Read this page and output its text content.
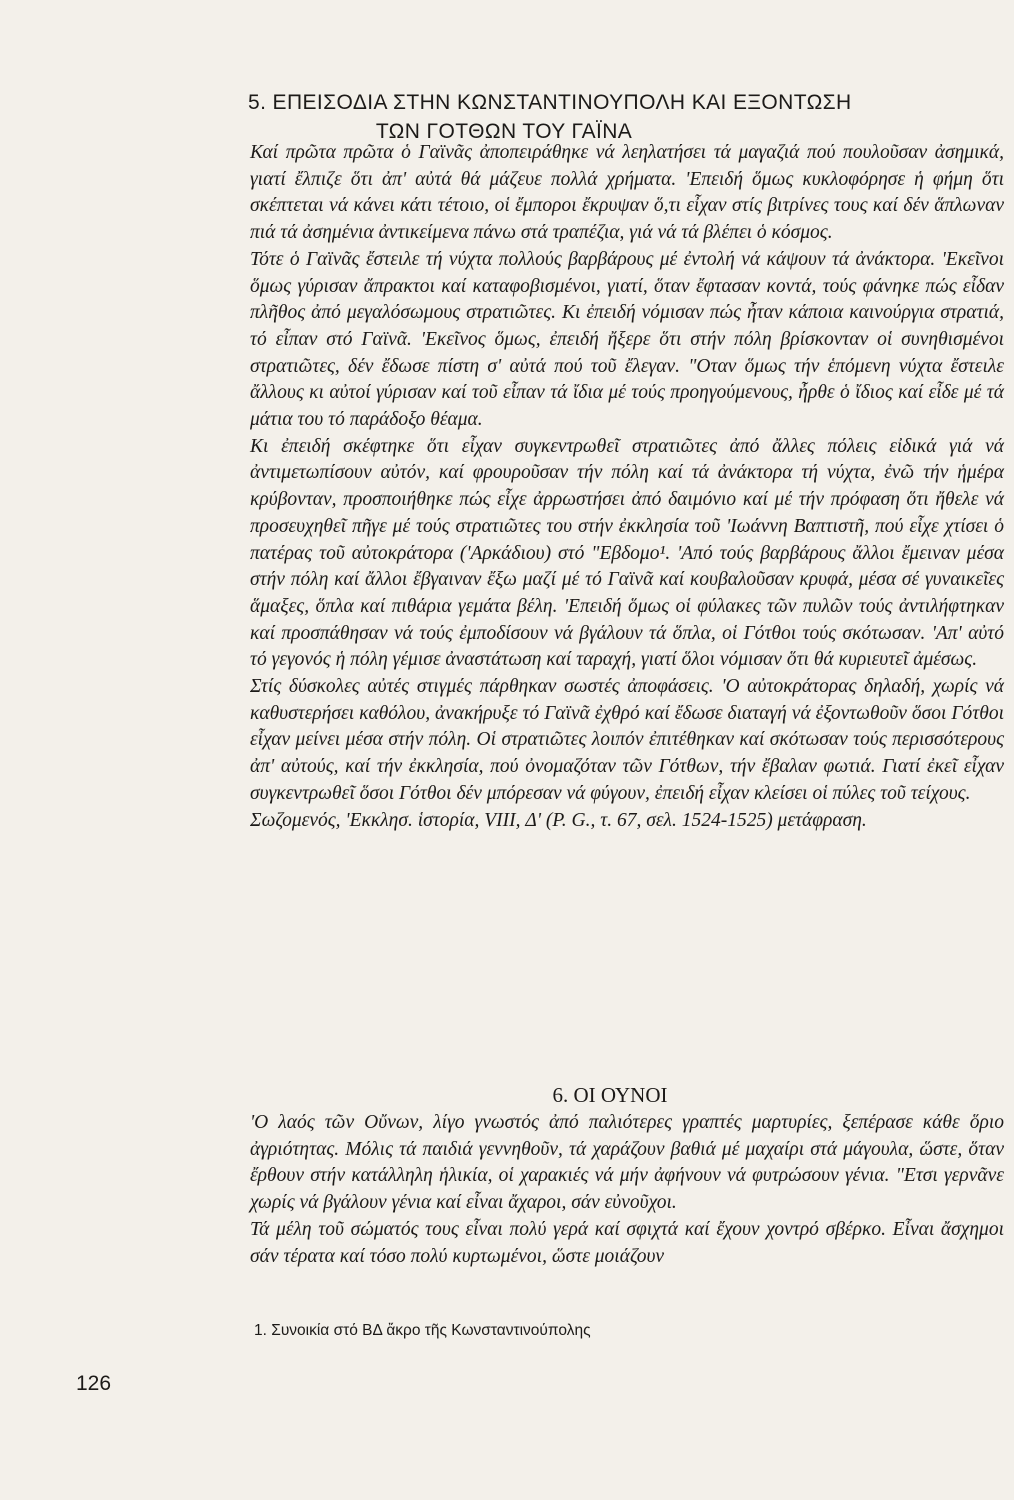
5. ΕΠΕΙΣΟΔΙΑ ΣΤΗΝ ΚΩΝΣΤΑΝΤΙΝΟΥΠΟΛΗ ΚΑΙ ΕΞΟΝΤΩΣΗ
ΤΩΝ ΓΟΤΘΩΝ ΤΟΥ ΓΑΪΝΑ
Καί πρῶτα πρῶτα ὁ Γαϊνᾶς ἀποπειράθηκε νά λεηλατήσει τά μαγαζιά πού πουλοῦσαν ἀσημικά, γιατί ἔλπιζε ὅτι ἀπ' αὐτά θά μάζευε πολλά χρήματα. 'Επειδή ὅμως κυκλοφόρησε ἡ φήμη ὅτι σκέπτεται νά κάνει κάτι τέτοιο, οἱ ἔμποροι ἔκρυψαν ὅ,τι εἶχαν στίς βιτρίνες τους καί δέν ἅπλωναν πιά τά ἀσημένια ἀντικείμενα πάνω στά τραπέζια, γιά νά τά βλέπει ὁ κόσμος.
Τότε ὁ Γαϊνᾶς ἔστειλε τή νύχτα πολλούς βαρβάρους μέ ἐντολή νά κάψουν τά ἀνάκτορα. 'Εκεῖνοι ὅμως γύρισαν ἄπρακτοι καί καταφοβισμένοι, γιατί, ὅταν ἔφτασαν κοντά, τούς φάνηκε πώς εἶδαν πλῆθος ἀπό μεγαλόσωμους στρατιῶτες. Κι ἐπειδή νόμισαν πώς ἦταν κάποια καινούργια στρατιά, τό εἶπαν στό Γαϊνᾶ. 'Εκεῖνος ὅμως, ἐπειδή ἤξερε ὅτι στήν πόλη βρίσκονταν οἱ συνηθισμένοι στρατιῶτες, δέν ἔδωσε πίστη σ' αὐτά πού τοῦ ἔλεγαν. "Οταν ὅμως τήν ἑπόμενη νύχτα ἔστειλε ἄλλους κι αὐτοί γύρισαν καί τοῦ εἶπαν τά ἴδια μέ τούς προηγούμενους, ἦρθε ὁ ἴδιος καί εἶδε μέ τά μάτια του τό παράδοξο θέαμα.
Κι ἐπειδή σκέφτηκε ὅτι εἶχαν συγκεντρωθεῖ στρατιῶτες ἀπό ἄλλες πόλεις εἰδικά γιά νά ἀντιμετωπίσουν αὐτόν, καί φρουροῦσαν τήν πόλη καί τά ἀνάκτορα τή νύχτα, ἐνῶ τήν ἡμέρα κρύβονταν, προσποιήθηκε πώς εἶχε ἀρρωστήσει ἀπό δαιμόνιο καί μέ τήν πρόφαση ὅτι ἤθελε νά προσευχηθεῖ πῆγε μέ τούς στρατιῶτες του στήν ἐκκλησία τοῦ 'Ιωάννη Βαπτιστῆ, πού εἶχε χτίσει ὁ πατέρας τοῦ αὐτοκράτορα ('Αρκάδιου) στό "Εβδομο¹. 'Από τούς βαρβάρους ἄλλοι ἔμειναν μέσα στήν πόλη καί ἄλλοι ἔβγαιναν ἔξω μαζί μέ τό Γαϊνᾶ καί κουβαλοῦσαν κρυφά, μέσα σέ γυναικεῖες ἅμαξες, ὅπλα καί πιθάρια γεμάτα βέλη. 'Επειδή ὅμως οἱ φύλακες τῶν πυλῶν τούς ἀντιλήφτηκαν καί προσπάθησαν νά τούς ἐμποδίσουν νά βγάλουν τά ὅπλα, οἱ Γότθοι τούς σκότωσαν. 'Απ' αὐτό τό γεγονός ἡ πόλη γέμισε ἀναστάτωση καί ταραχή, γιατί ὅλοι νόμισαν ὅτι θά κυριευτεῖ ἀμέσως.
Στίς δύσκολες αὐτές στιγμές πάρθηκαν σωστές ἀποφάσεις. 'Ο αὐτοκράτορας δηλαδή, χωρίς νά καθυστερήσει καθόλου, ἀνακήρυξε τό Γαϊνᾶ ἐχθρό καί ἔδωσε διαταγή νά ἐξοντωθοῦν ὅσοι Γότθοι εἶχαν μείνει μέσα στήν πόλη. Οἱ στρατιῶτες λοιπόν ἐπιτέθηκαν καί σκότωσαν τούς περισσότερους ἀπ' αὐτούς, καί τήν ἐκκλησία, πού ὀνομαζόταν τῶν Γότθων, τήν ἔβαλαν φωτιά. Γιατί ἐκεῖ εἶχαν συγκεντρωθεῖ ὅσοι Γότθοι δέν μπόρεσαν νά φύγουν, ἐπειδή εἶχαν κλείσει οἱ πύλες τοῦ τείχους.
Σωζομενός, 'Εκκλησ. ἱστορία, VIII, Δ' (P. G., τ. 67, σελ. 1524-1525) μετάφραση.
6. ΟΙ ΟΥΝΟΙ
'Ο λαός τῶν Οὔνων, λίγο γνωστός ἀπό παλιότερες γραπτές μαρτυρίες, ξεπέρασε κάθε ὅριο ἀγριότητας. Μόλις τά παιδιά γεννηθοῦν, τά χαράζουν βαθιά μέ μαχαίρι στά μάγουλα, ὥστε, ὅταν ἔρθουν στήν κατάλληλη ἡλικία, οἱ χαρακιές νά μήν ἀφήνουν νά φυτρώσουν γένια. "Ετσι γερνᾶνε χωρίς νά βγάλουν γένια καί εἶναι ἄχαροι, σάν εὐνοῦχοι.
Τά μέλη τοῦ σώματός τους εἶναι πολύ γερά καί σφιχτά καί ἔχουν χοντρό σβέρκο. Εἶναι ἄσχημοι σάν τέρατα καί τόσο πολύ κυρτωμένοι, ὥστε μοιάζουν
1. Συνοικία στό ΒΔ ἄκρο τῆς Κωνσταντινούπολης
126
